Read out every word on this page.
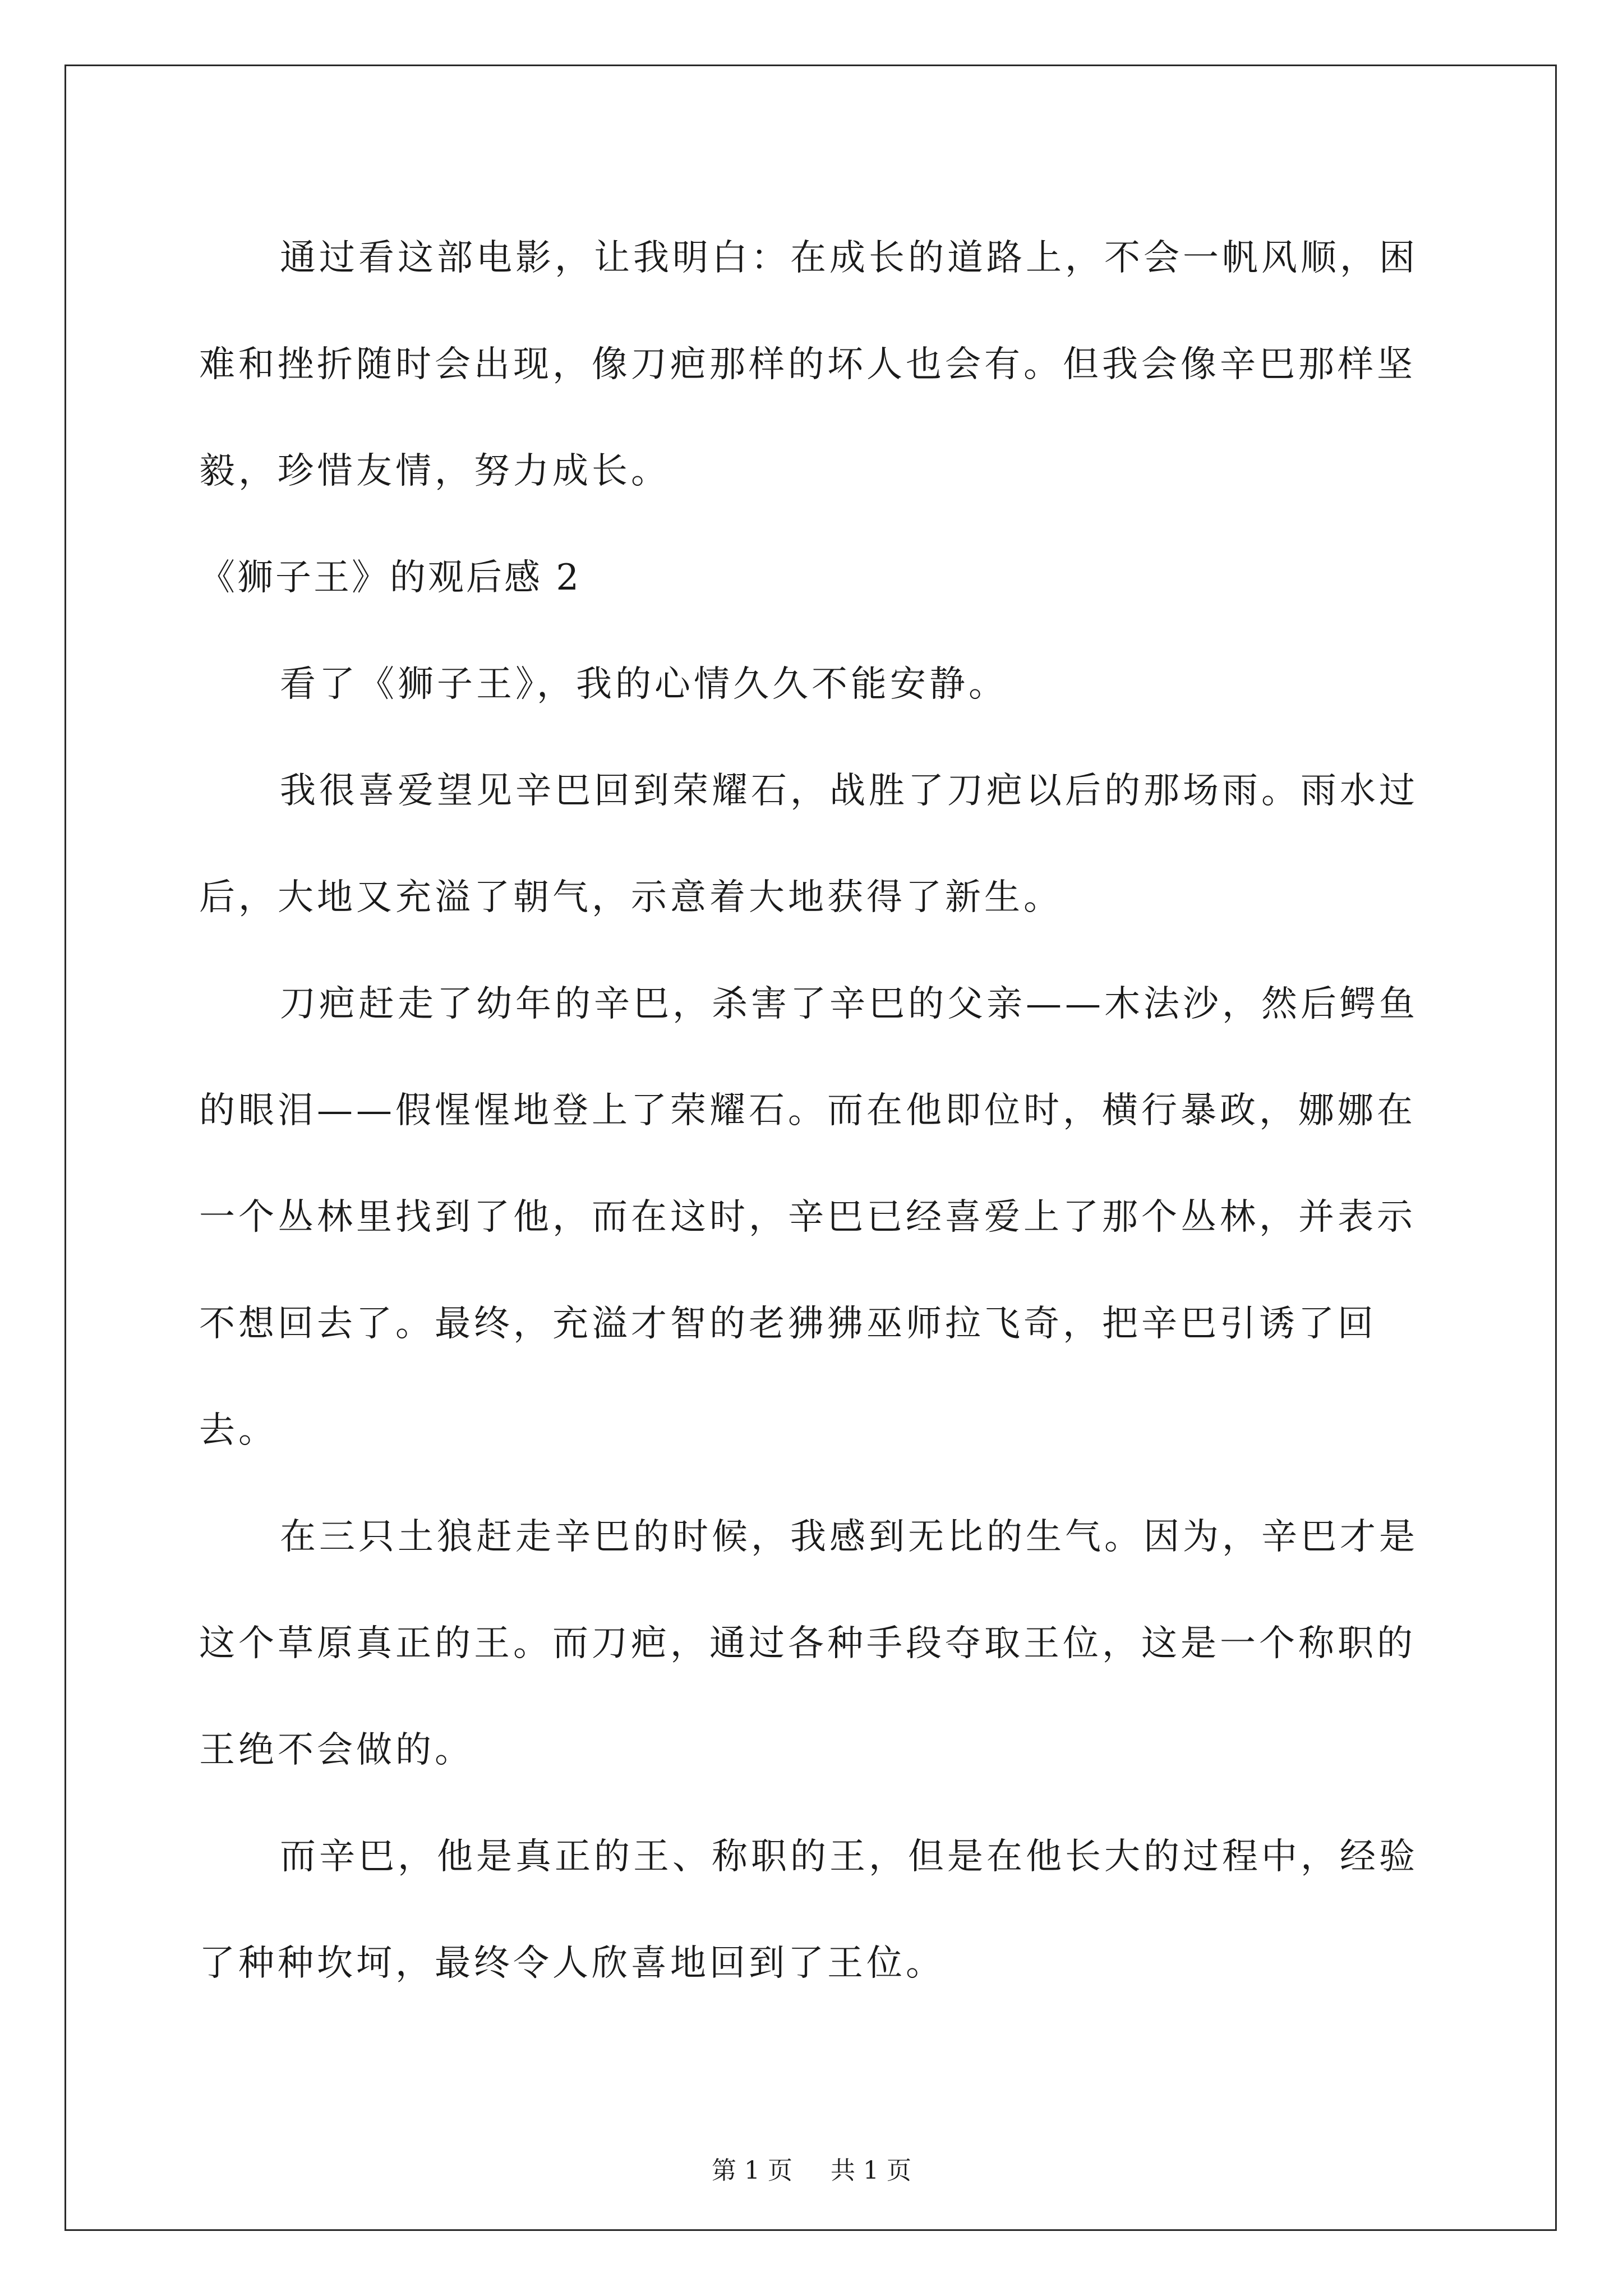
通过看这部电影，让我明白：在成长的道路上，不会一帆风顺，困难和挫折随时会出现，像刀疤那样的坏人也会有。但我会像辛巴那样坚毅，珍惜友情，努力成长。

《狮子王》的观后感 2

看了《狮子王》，我的心情久久不能安静。

我很喜爱望见辛巴回到荣耀石，战胜了刀疤以后的那场雨。雨水过后，大地又充溢了朝气，示意着大地获得了新生。

刀疤赶走了幼年的辛巴，杀害了辛巴的父亲——木法沙，然后鳄鱼的眼泪——假惺惺地登上了荣耀石。而在他即位时，横行暴政，娜娜在一个丛林里找到了他，而在这时，辛巴已经喜爱上了那个丛林，并表示不想回去了。最终，充溢才智的老狒狒巫师拉飞奇，把辛巴引诱了回去。

在三只土狼赶走辛巴的时候，我感到无比的生气。因为，辛巴才是这个草原真正的王。而刀疤，通过各种手段夺取王位，这是一个称职的王绝不会做的。

而辛巴，他是真正的王、称职的王，但是在他长大的过程中，经验了种种坎坷，最终令人欣喜地回到了王位。

第 1 页 共 1 页
